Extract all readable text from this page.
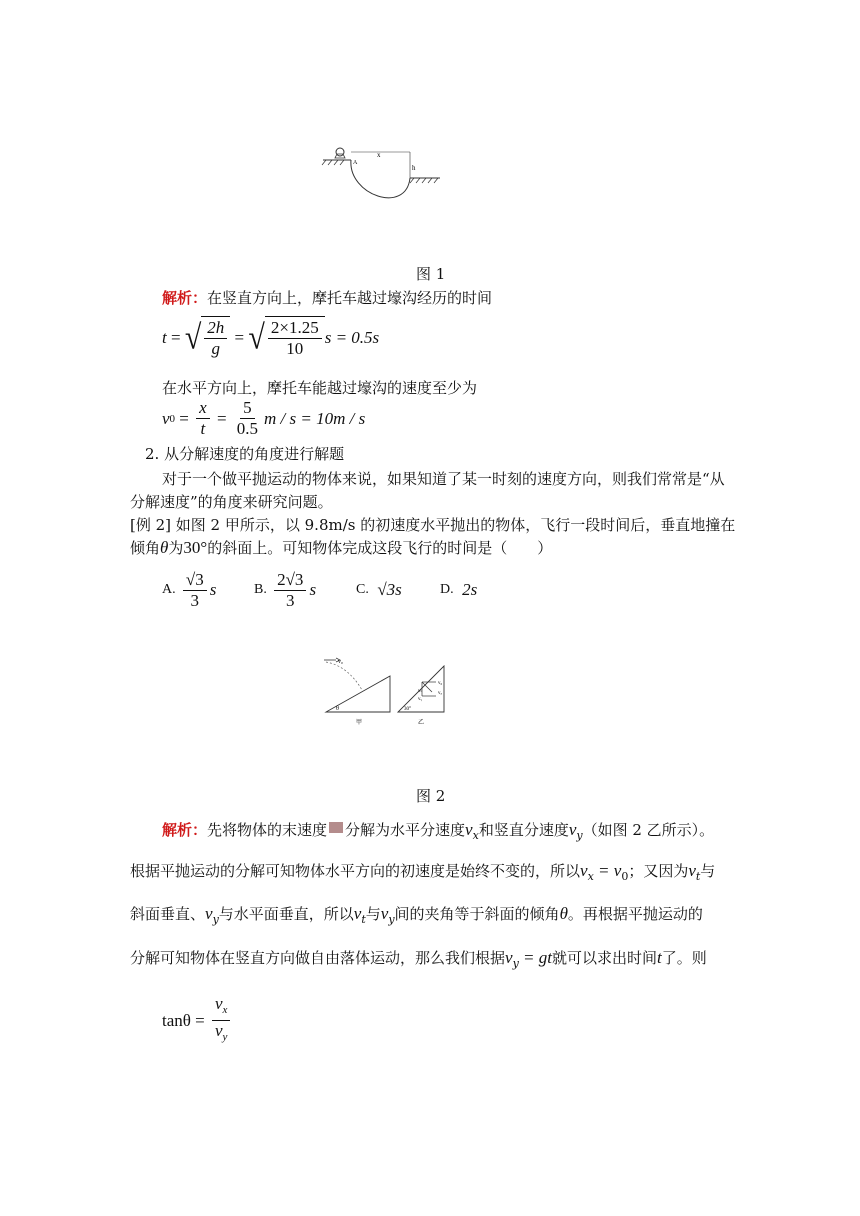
x
h
A
图 1
解析：在竖直方向上，摩托车越过壕沟经历的时间
t = √ $\frac{2h}{g}$ = √ $\frac{2\times 1.25}{10}$ s = 0.5s
在水平方向上，摩托车能越过壕沟的速度至少为
v $0 = \frac{x}{t} = \frac{5}{0.5}$ m / s = 10m / s
2. 从分解速度的角度进行解题
对于一个做平抛运动的物体来说，如果知道了某一时刻的速度方向，则我们常常是“从
分解速度”的角度来研究问题。
[例 2] 如图 2 甲所示，以 9.8m/s 的初速度水平抛出的物体，飞行一段时间后，垂直地撞在
倾角θ为30°的斜面上。可知物体完成这段飞行的时间是（　　）
A.
$\frac{√3}{3}$ s	B.
$\frac{2√3}{3}$ s	C.
√3s	D.
2s
v₀
θ
甲
v₀
vₜ	vₓ
vᵧ
30°
乙
图 2
解析：先将物体的末速度 分解为水平分速度$v_x$和竖直分速度$v_y$（如图 2 乙所示）。
根据平抛运动的分解可知物体水平方向的初速度是始终不变的，所以$v_x = v_0$；又因为$v_t$与
斜面垂直、$v_y$与水平面垂直，所以$v_t$与$v_y$间的夹角等于斜面的倾角θ。再根据平抛运动的
分解可知物体在竖直方向做自由落体运动，那么我们根据$v_y$ = gt就可以求出时间t了。则
tanθ =
$\frac{v_x}{v_y}$
